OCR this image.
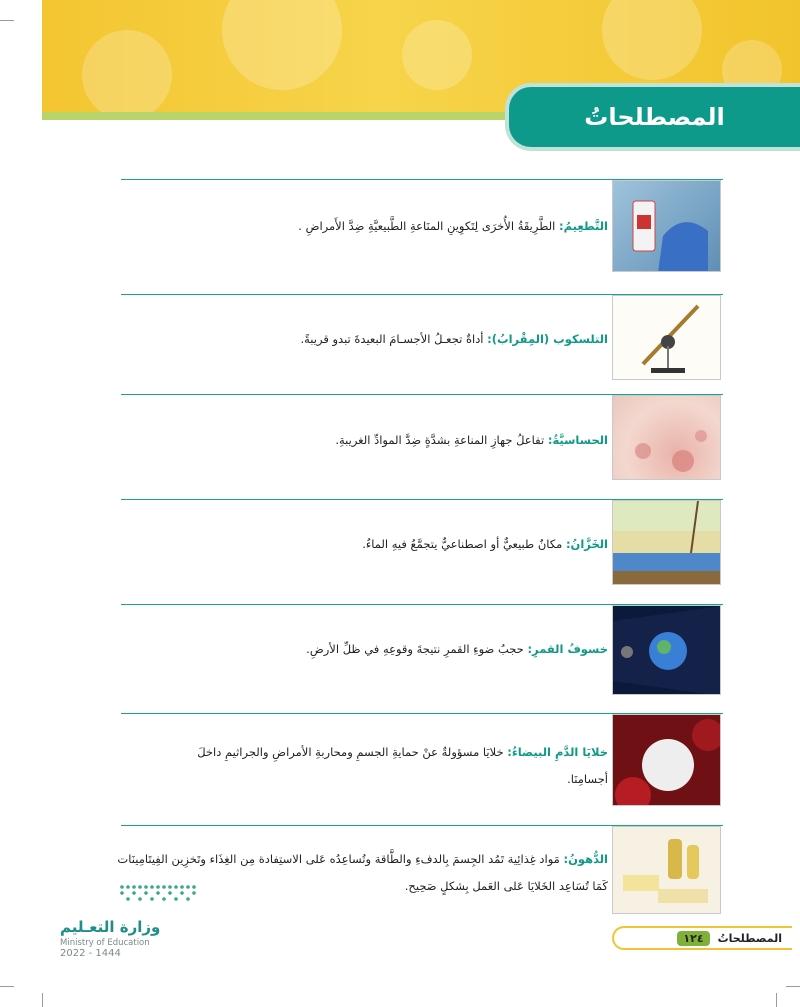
المصطلحاتُ
التَّطعِيمُ: الطَّرِيقَةُ الأُخرَى لِتَكوِينِ المنَاعةِ الطَّبيعيَّةِ ضِدَّ الأَمراضِ .
التلسكوب (المِقْرابُ): أداةٌ تجعـلُ الأجسـامَ البعيدةَ تبدو قريبةً.
الحساسيَّةُ: تفاعلُ جهازِ المناعةِ بشدَّةٍ ضِدَّ الموادِّ الغريبةِ.
الخَزَّانُ: مكانٌ طبيعيٌّ أو اصطناعيٌّ يتجمَّعُ فيهِ الماءُ.
خسوفُ القمرِ: حجبُ ضوءِ القمرِ نتيجةَ وقوعِهِ في ظلِّ الأرضِ.
خلايَا الدَّمِ البيضاءُ: خلايَا مسؤولةٌ عنْ حمايةِ الجسمِ ومحاربةِ الأمراضِ والجراثيمِ داخلَ أجسامِنَا.
الدُّهونُ: مَواد غِذائِية تَمُد الجِسمَ بِالدفءِ والطَّاقة وتُساعِدُه عَلى الاستِفادة مِن الغِذَاء وتَخزِين الفِيتَامِينَات كَمَا تُسَاعِد الخَلايَا عَلى العَمل بِشكلٍ صَحِيح.
وزارة التعـليم
Ministry of Education
2022 - 1444
المصطلحاتُ
١٢٤
